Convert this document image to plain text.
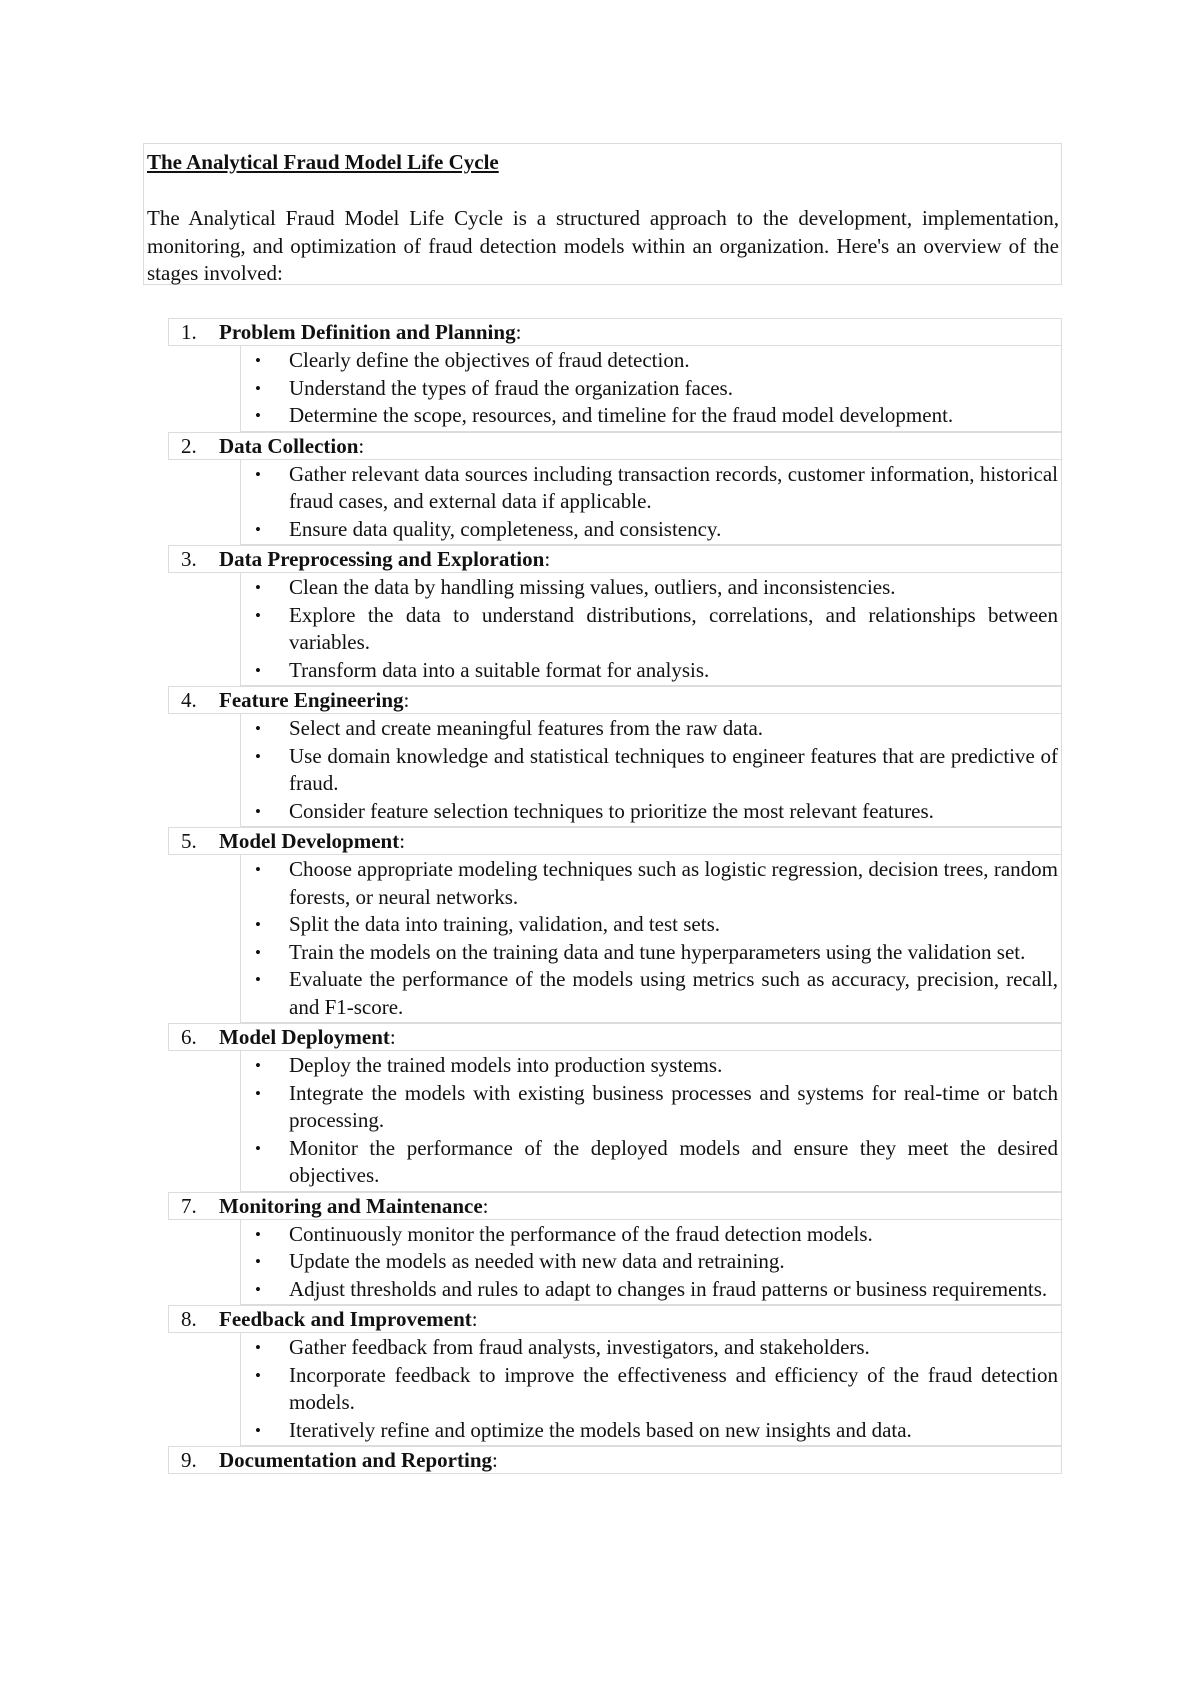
The Analytical Fraud Model Life Cycle
The Analytical Fraud Model Life Cycle is a structured approach to the development, implementation, monitoring, and optimization of fraud detection models within an organization. Here's an overview of the stages involved:
1. Problem Definition and Planning:
• Clearly define the objectives of fraud detection.
• Understand the types of fraud the organization faces.
• Determine the scope, resources, and timeline for the fraud model development.
2. Data Collection:
• Gather relevant data sources including transaction records, customer information, historical fraud cases, and external data if applicable.
• Ensure data quality, completeness, and consistency.
3. Data Preprocessing and Exploration:
• Clean the data by handling missing values, outliers, and inconsistencies.
• Explore the data to understand distributions, correlations, and relationships between variables.
• Transform data into a suitable format for analysis.
4. Feature Engineering:
• Select and create meaningful features from the raw data.
• Use domain knowledge and statistical techniques to engineer features that are predictive of fraud.
• Consider feature selection techniques to prioritize the most relevant features.
5. Model Development:
• Choose appropriate modeling techniques such as logistic regression, decision trees, random forests, or neural networks.
• Split the data into training, validation, and test sets.
• Train the models on the training data and tune hyperparameters using the validation set.
• Evaluate the performance of the models using metrics such as accuracy, precision, recall, and F1-score.
6. Model Deployment:
• Deploy the trained models into production systems.
• Integrate the models with existing business processes and systems for real-time or batch processing.
• Monitor the performance of the deployed models and ensure they meet the desired objectives.
7. Monitoring and Maintenance:
• Continuously monitor the performance of the fraud detection models.
• Update the models as needed with new data and retraining.
• Adjust thresholds and rules to adapt to changes in fraud patterns or business requirements.
8. Feedback and Improvement:
• Gather feedback from fraud analysts, investigators, and stakeholders.
• Incorporate feedback to improve the effectiveness and efficiency of the fraud detection models.
• Iteratively refine and optimize the models based on new insights and data.
9. Documentation and Reporting:
